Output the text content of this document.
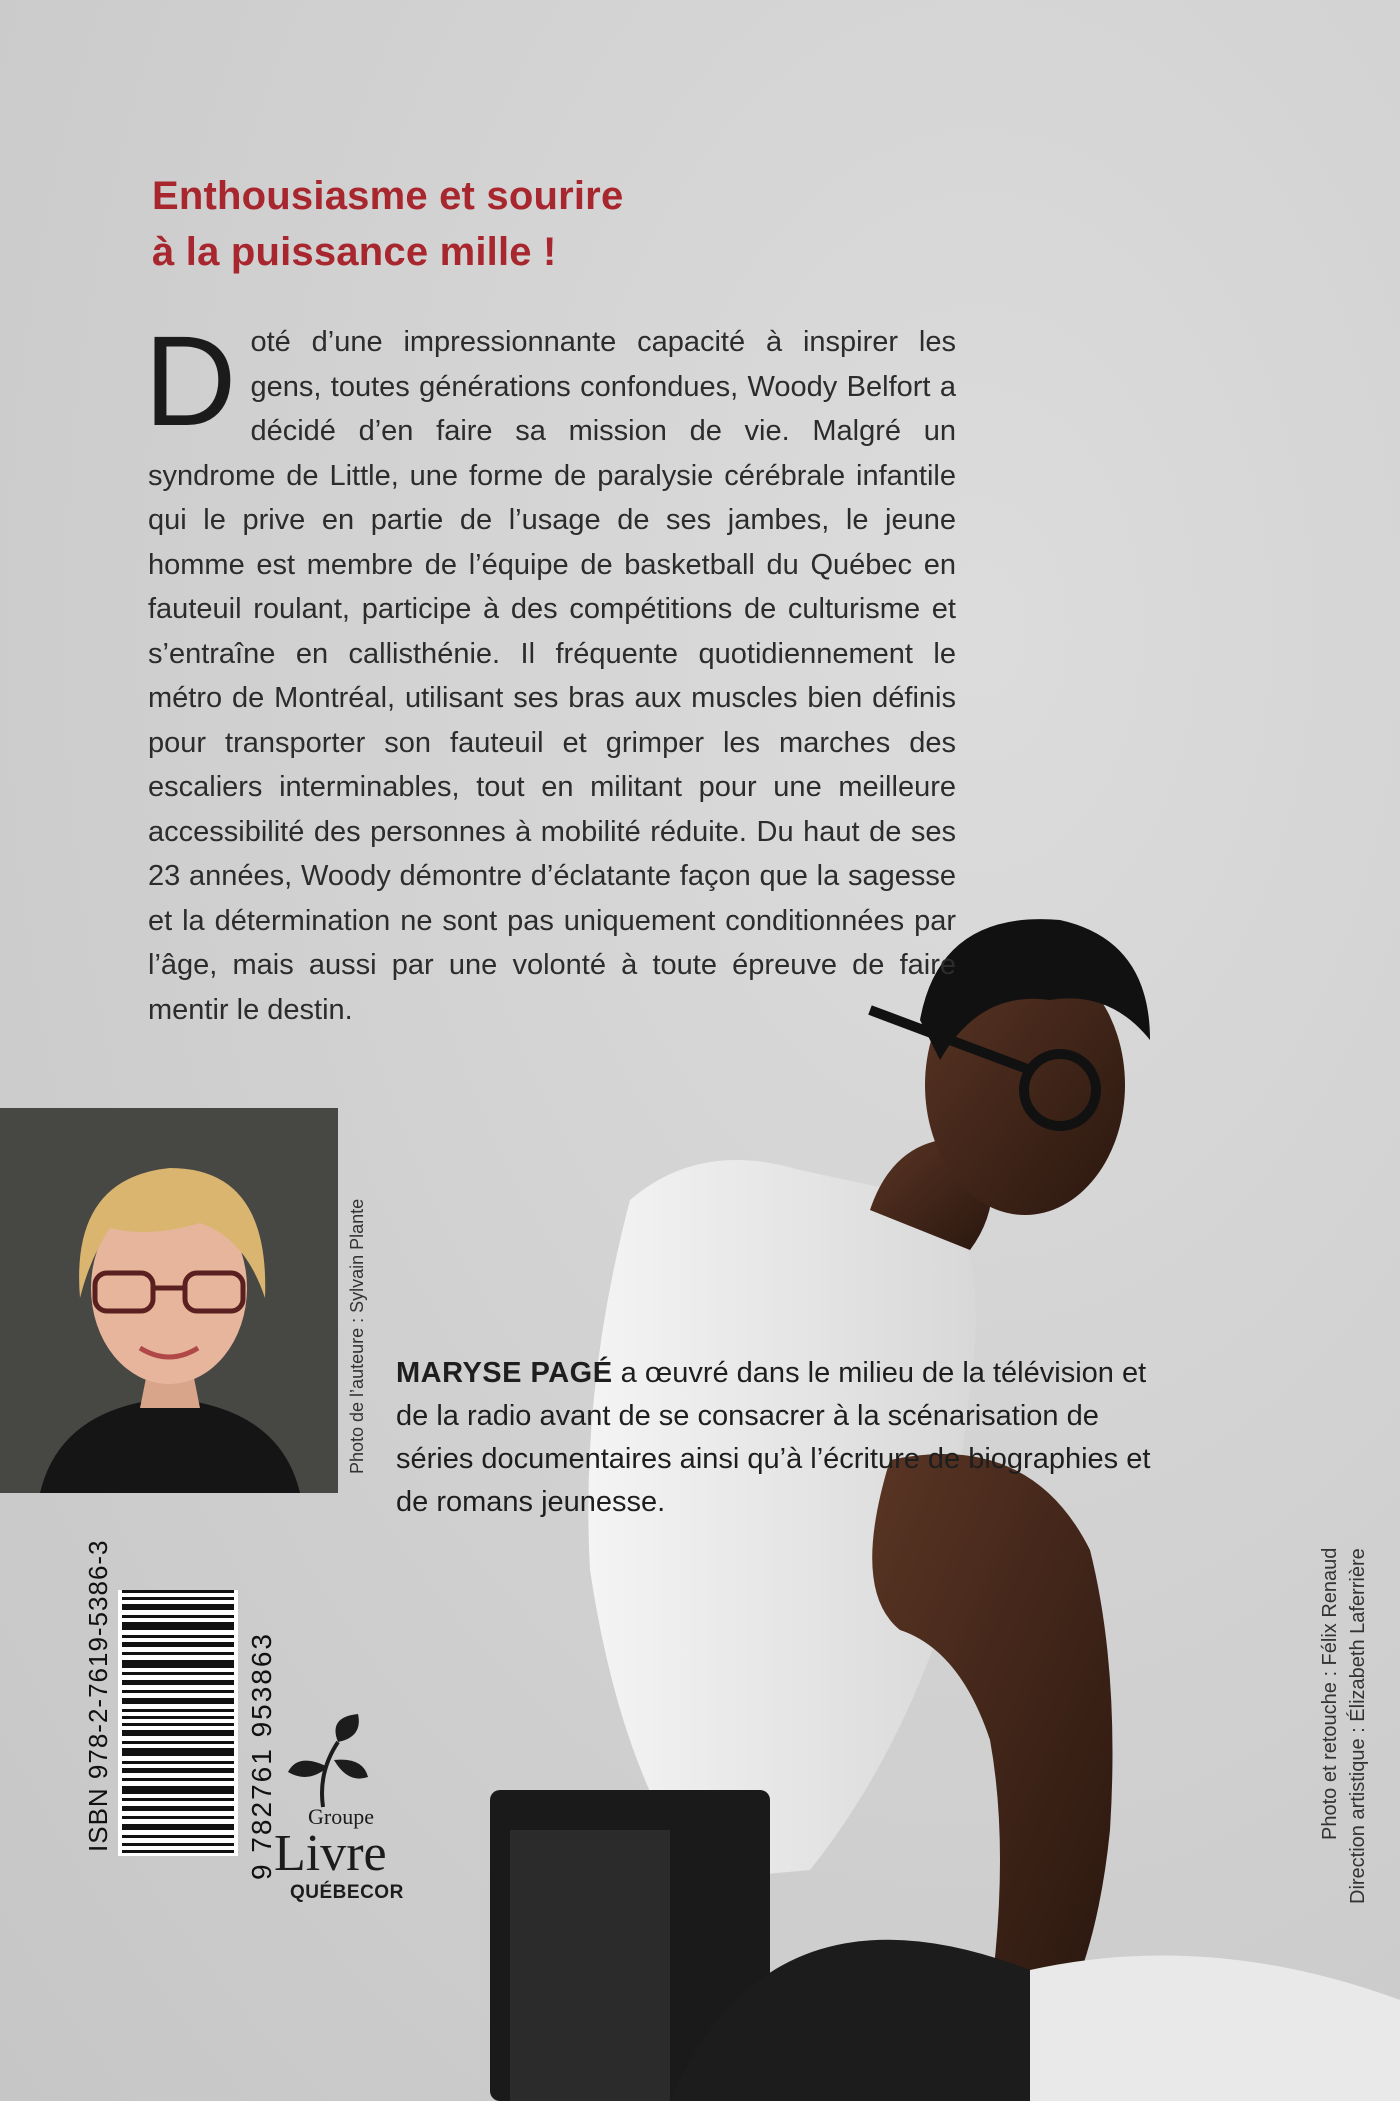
Enthousiasme et sourire
à la puissance mille !

Doté d’une impressionnante capacité à inspirer les gens, toutes générations confondues, Woody Belfort a décidé d’en faire sa mission de vie. Malgré un syndrome de Little, une forme de paralysie cérébrale infantile qui le prive en partie de l’usage de ses jambes, le jeune homme est membre de l’équipe de basketball du Québec en fauteuil roulant, participe à des compétitions de culturisme et s’entraîne en callisthénie. Il fréquente quotidiennement le métro de Montréal, utilisant ses bras aux muscles bien définis pour transporter son fauteuil et grimper les marches des escaliers interminables, tout en militant pour une meilleure accessibilité des personnes à mobilité réduite. Du haut de ses 23 années, Woody démontre d’éclatante façon que la sagesse et la détermination ne sont pas uniquement conditionnées par l’âge, mais aussi par une volonté à toute épreuve de faire mentir le destin.

Photo de l’auteure : Sylvain Plante MARYSE PAGÉ a œuvré dans le milieu de la télévision et de la radio avant de se consacrer à la scénarisation de séries documentaires ainsi qu’à l’écriture de biographies et de romans jeunesse.

ISBN 978-2-7619-5386-3	9 782761 953863 Groupe
Livre
QUÉBECOR
Photo et retouche : Félix Renaud Direction artistique : Élizabeth Laferrière
